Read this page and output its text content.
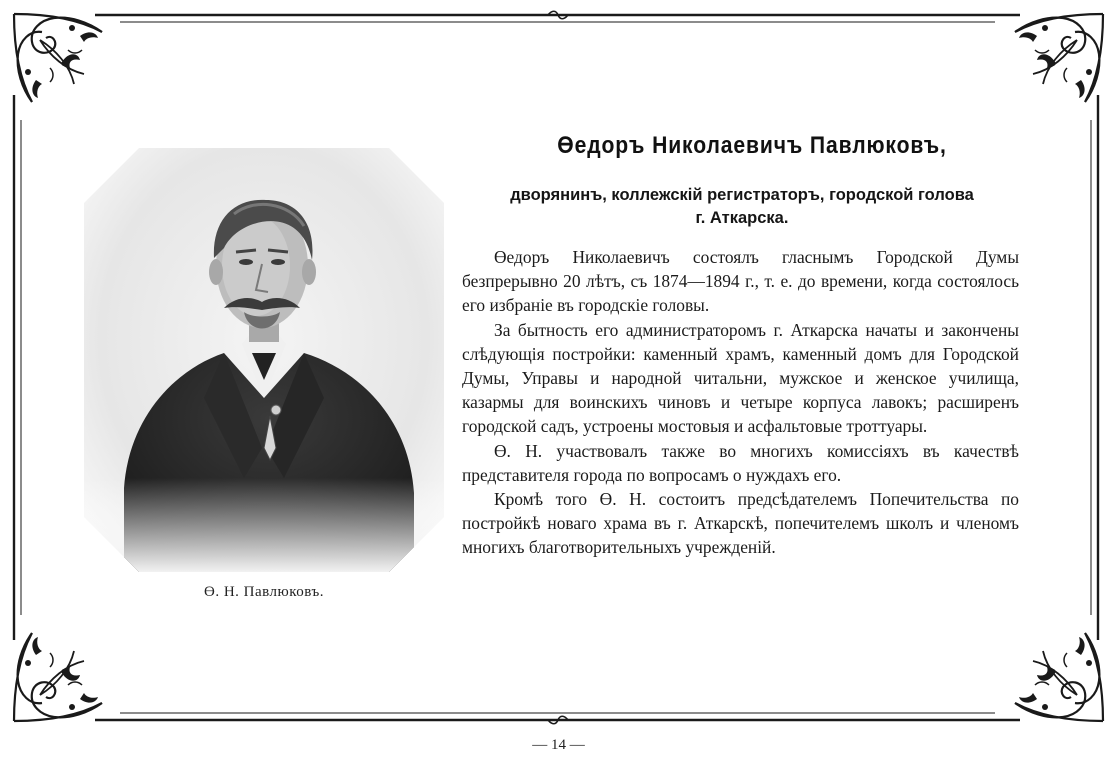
Ө. Н. Павлюковъ.
Өедоръ Николаевичъ Павлюковъ,
дворянинъ, коллежскій регистраторъ, городской голова
г. Аткарска.

Өедоръ Николаевичъ состоялъ гласнымъ Городской Думы безпрерывно 20 лѣтъ, съ 1874—1894 г., т. е. до времени, когда состоялось его избраніе въ городскіе головы.

За бытность его администраторомъ г. Аткарска начаты и закончены слѣдующія постройки: каменный храмъ, каменный домъ для Городской Думы, Управы и народной читальни, мужское и женское училища, казармы для воинскихъ чиновъ и четыре корпуса лавокъ; расширенъ городской садъ, устроены мостовыя и асфальтовые троттуары.

Ө. Н. участвовалъ также во многихъ комиссіяхъ въ качествѣ представителя города по вопросамъ о нуждахъ его.

Кромѣ того Ө. Н. состоитъ предсѣдателемъ Попечительства по постройкѣ новаго храма въ г. Аткарскѣ, попечителемъ школъ и членомъ многихъ благотворительныхъ учрежденій.

— 14 —
